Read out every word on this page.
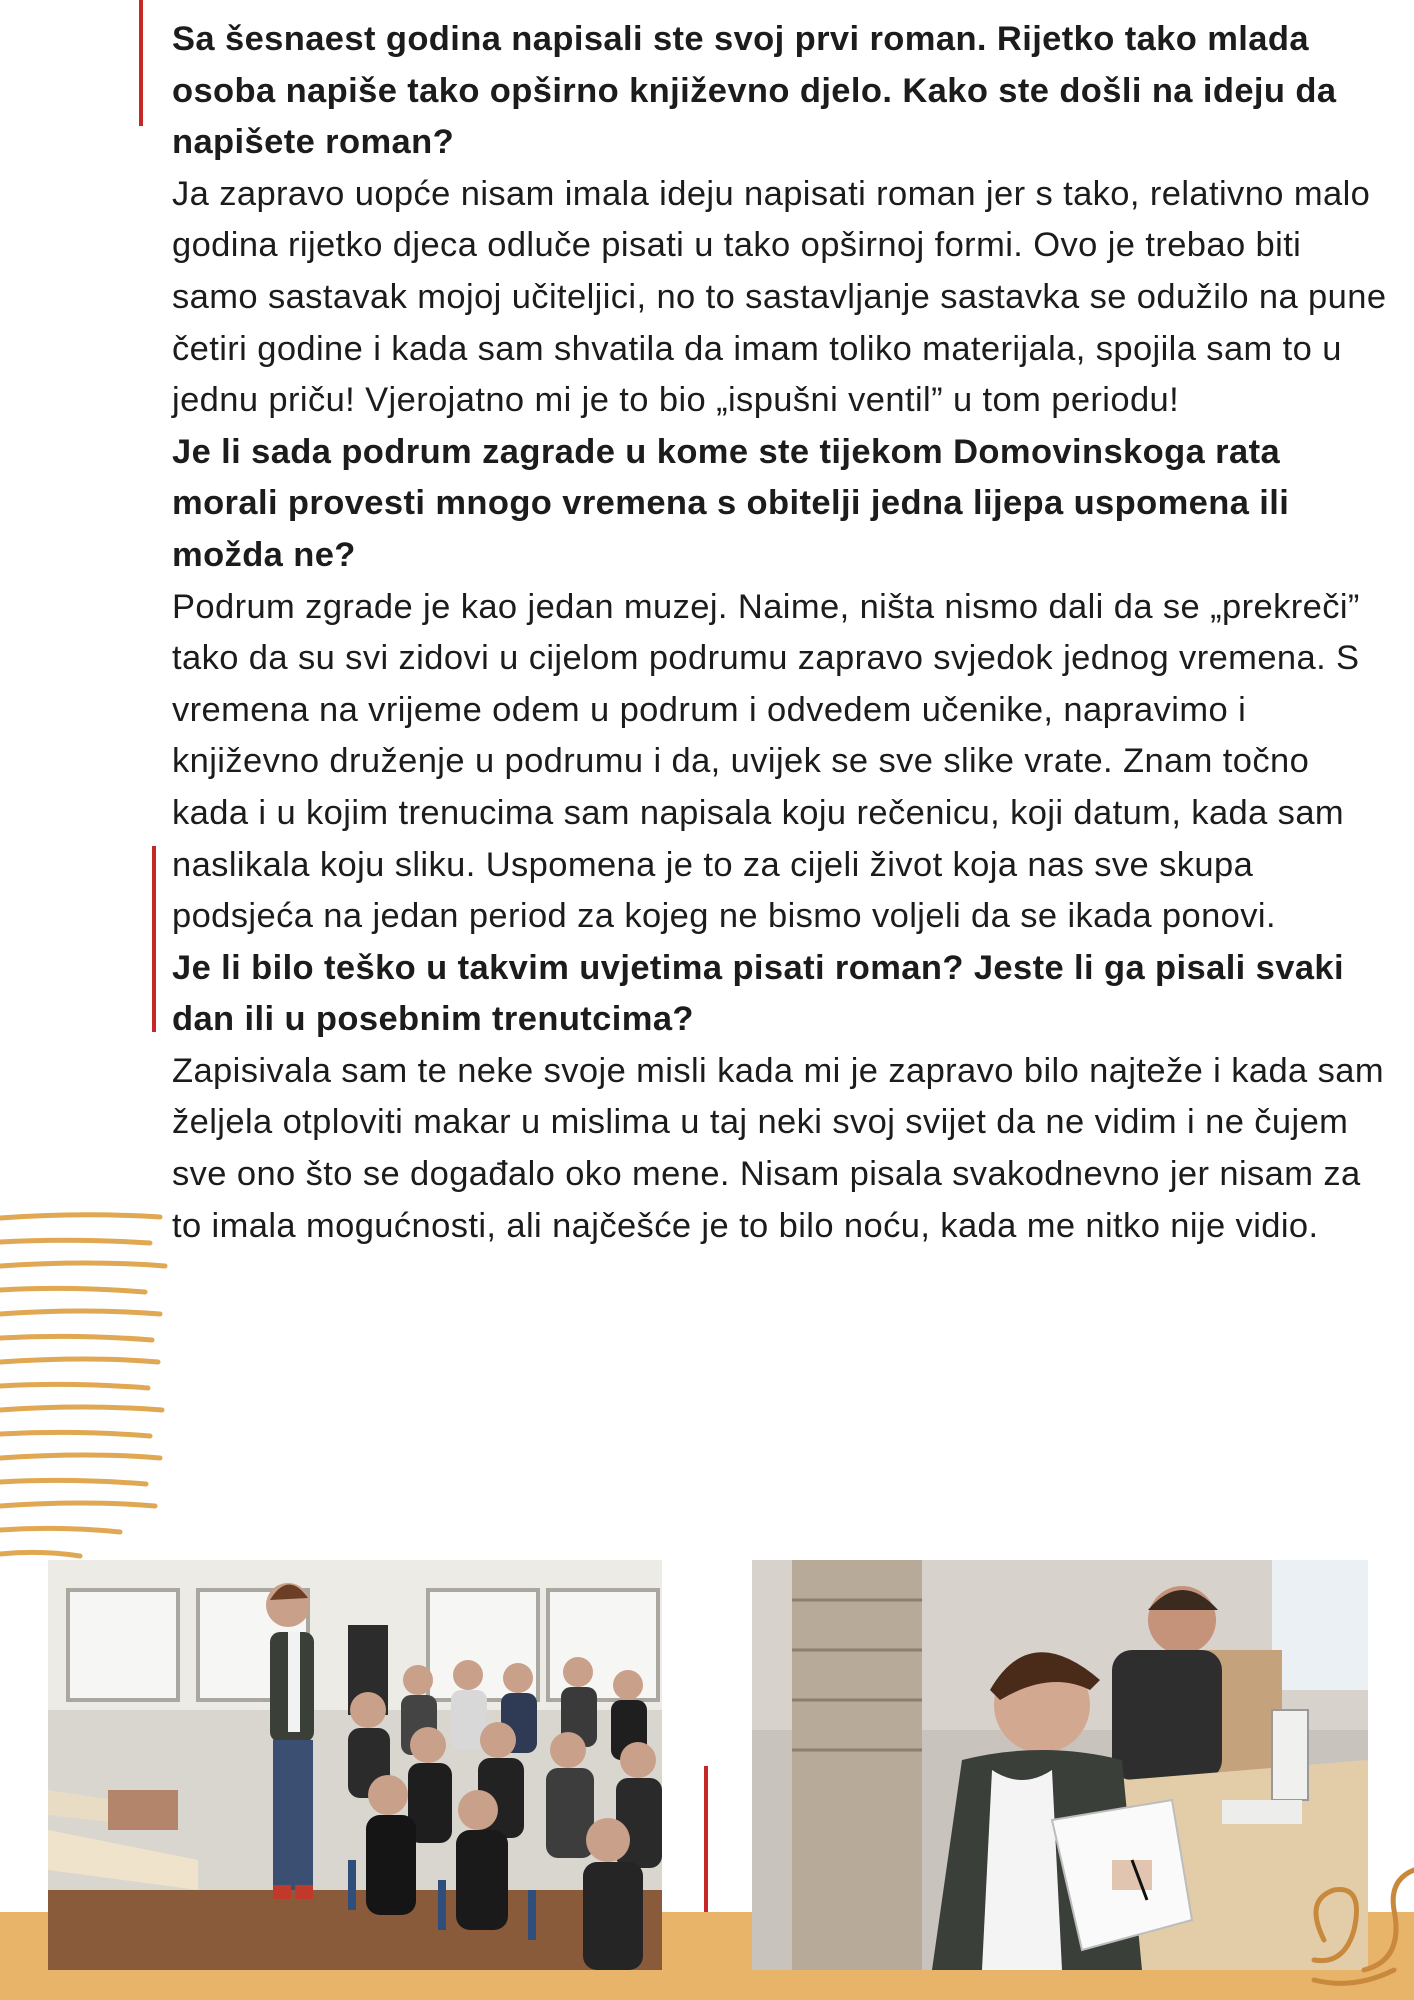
Sa šesnaest godina napisali ste svoj prvi roman. Rijetko tako mlada osoba napiše tako opširno književno djelo. Kako ste došli na ideju da napišete roman?

Ja zapravo uopće nisam imala ideju napisati roman jer s tako, relativno malo godina rijetko djeca odluče pisati u tako opširnoj formi. Ovo je trebao biti samo sastavak mojoj učiteljici, no to sastavljanje sastavka se odužilo na pune četiri godine i kada sam shvatila da imam toliko materijala, spojila sam to u jednu priču! Vjerojatno mi je to bio „ispušni ventil” u tom periodu!

Je li sada podrum zagrade u kome ste tijekom Domovinskoga rata morali provesti mnogo vremena s obitelji jedna lijepa uspomena ili možda ne?

Podrum zgrade je kao jedan muzej. Naime, ništa nismo dali da se „prekreči” tako da su svi zidovi u cijelom podrumu zapravo svjedok jednog vremena. S vremena na vrijeme odem u podrum i odvedem učenike, napravimo i književno druženje u podrumu i da, uvijek se sve slike vrate. Znam točno kada i u kojim trenucima sam napisala koju rečenicu, koji datum, kada sam naslikala koju sliku. Uspomena je to za cijeli život koja nas sve skupa podsjeća na jedan period za kojeg ne bismo voljeli da se ikada ponovi.

Je li bilo teško u takvim uvjetima pisati roman? Jeste li ga pisali svaki dan ili u posebnim trenutcima?

Zapisivala sam te neke svoje misli kada mi je zapravo bilo najteže i kada sam željela otploviti makar u mislima u taj neki svoj svijet da ne vidim i ne čujem sve ono što se događalo oko mene. Nisam pisala svakodnevno jer nisam za to imala mogućnosti, ali najčešće je to bilo noću, kada me nitko nije vidio.
